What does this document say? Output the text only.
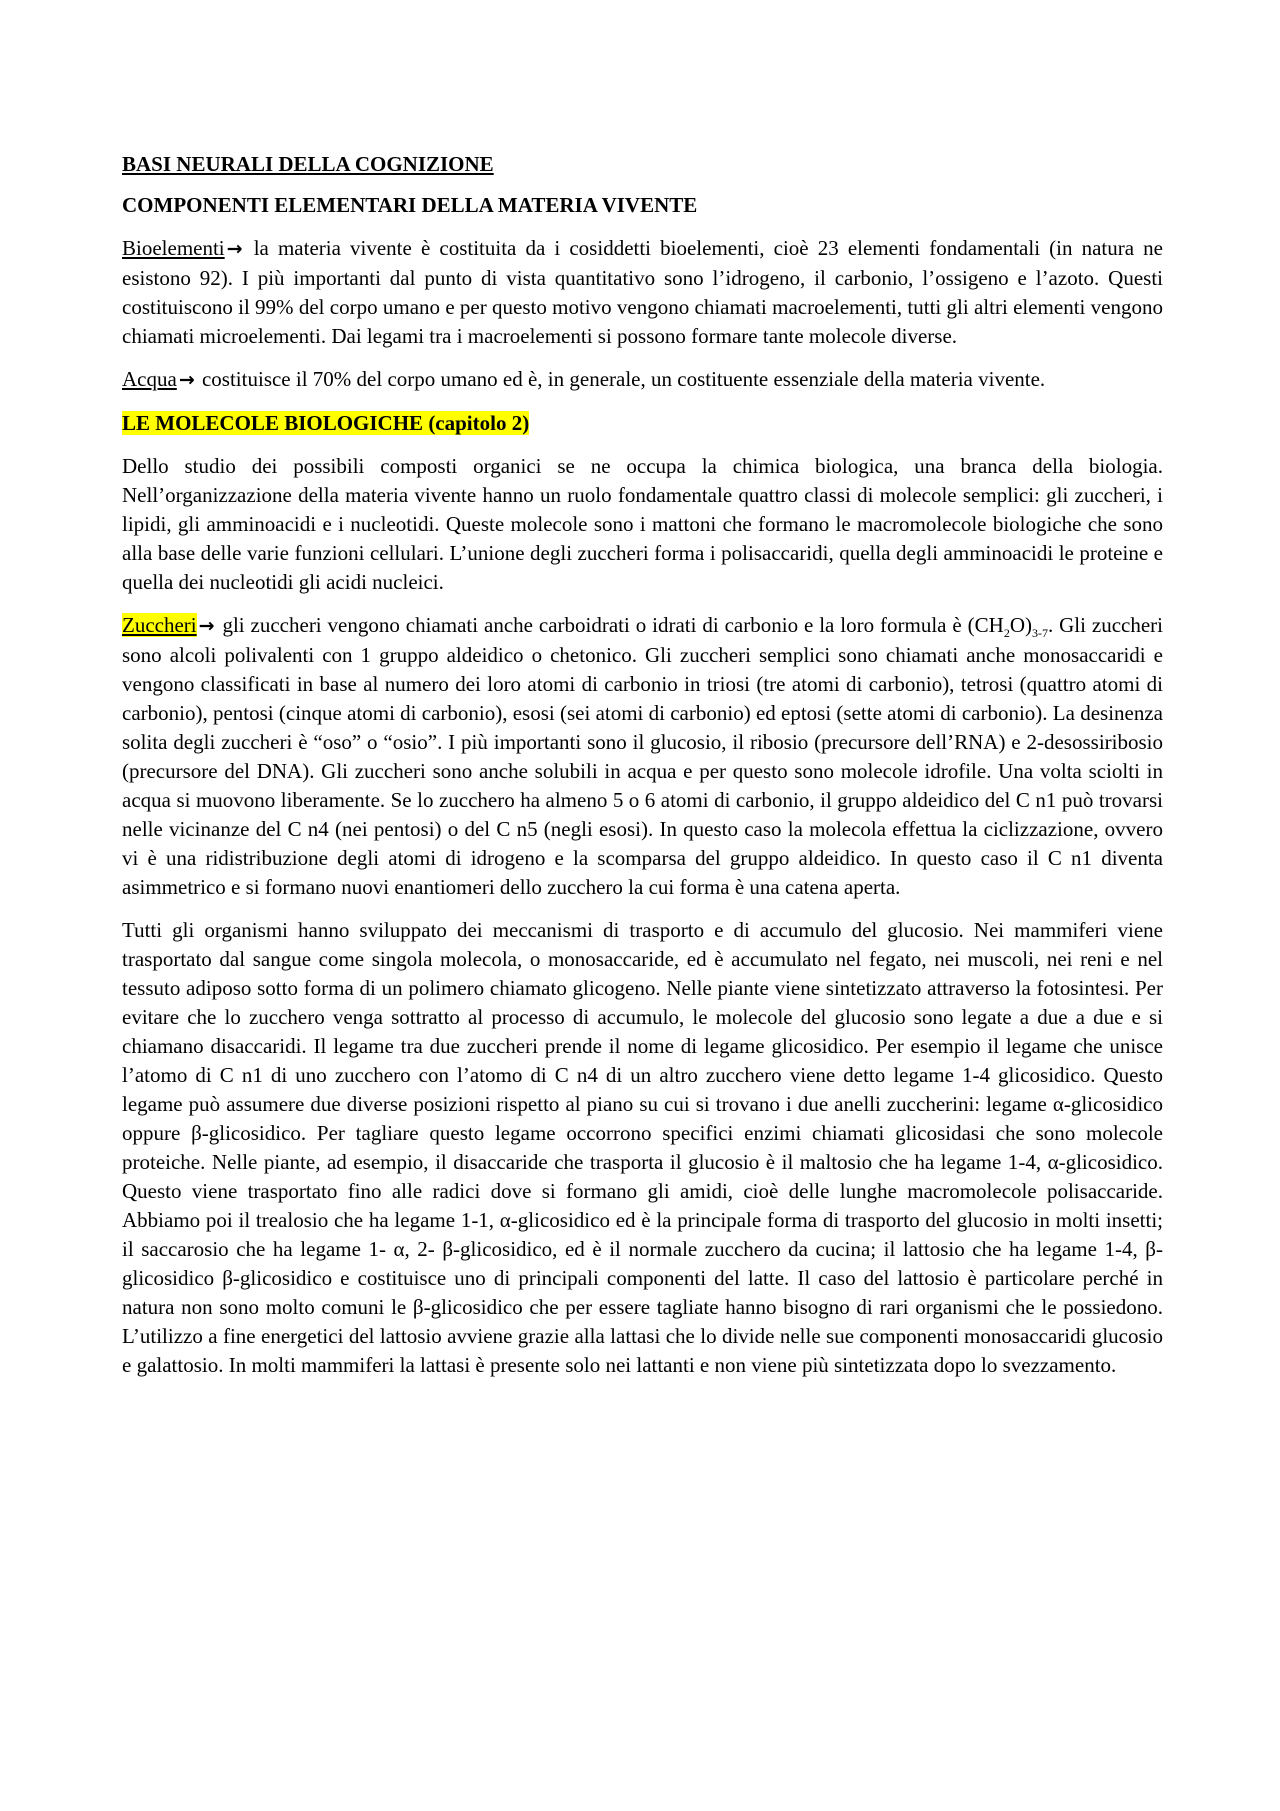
BASI NEURALI DELLA COGNIZIONE
COMPONENTI ELEMENTARI DELLA MATERIA VIVENTE

Bioelementi → la materia vivente è costituita da i cosiddetti bioelementi, cioè 23 elementi fondamentali (in natura ne esistono 92). I più importanti dal punto di vista quantitativo sono l’idrogeno, il carbonio, l’ossigeno e l’azoto. Questi costituiscono il 99% del corpo umano e per questo motivo vengono chiamati macroelementi, tutti gli altri elementi vengono chiamati microelementi. Dai legami tra i macroelementi si possono formare tante molecole diverse.

Acqua → costituisce il 70% del corpo umano ed è, in generale, un costituente essenziale della materia vivente.

LE MOLECOLE BIOLOGICHE (capitolo 2)

Dello studio dei possibili composti organici se ne occupa la chimica biologica, una branca della biologia. Nell’organizzazione della materia vivente hanno un ruolo fondamentale quattro classi di molecole semplici: gli zuccheri, i lipidi, gli amminoacidi e i nucleotidi. Queste molecole sono i mattoni che formano le macromolecole biologiche che sono alla base delle varie funzioni cellulari. L’unione degli zuccheri forma i polisaccaridi, quella degli amminoacidi le proteine e quella dei nucleotidi gli acidi nucleici.

Zuccheri → gli zuccheri vengono chiamati anche carboidrati o idrati di carbonio e la loro formula è $(CH_2O)_{3-7}$. Gli zuccheri sono alcoli polivalenti con 1 gruppo aldeidico o chetonico. Gli zuccheri semplici sono chiamati anche monosaccaridi e vengono classificati in base al numero dei loro atomi di carbonio in triosi (tre atomi di carbonio), tetrosi (quattro atomi di carbonio), pentosi (cinque atomi di carbonio), esosi (sei atomi di carbonio) ed eptosi (sette atomi di carbonio). La desinenza solita degli zuccheri è “oso” o “osio”. I più importanti sono il glucosio, il ribosio (precursore dell’RNA) e 2-desossiribosio (precursore del DNA). Gli zuccheri sono anche solubili in acqua e per questo sono molecole idrofile. Una volta sciolti in acqua si muovono liberamente. Se lo zucchero ha almeno 5 o 6 atomi di carbonio, il gruppo aldeidico del C n1 può trovarsi nelle vicinanze del C n4 (nei pentosi) o del C n5 (negli esosi). In questo caso la molecola effettua la ciclizzazione, ovvero vi è una ridistribuzione degli atomi di idrogeno e la scomparsa del gruppo aldeidico. In questo caso il C n1 diventa asimmetrico e si formano nuovi enantiomeri dello zucchero la cui forma è una catena aperta.

Tutti gli organismi hanno sviluppato dei meccanismi di trasporto e di accumulo del glucosio. Nei mammiferi viene trasportato dal sangue come singola molecola, o monosaccaride, ed è accumulato nel fegato, nei muscoli, nei reni e nel tessuto adiposo sotto forma di un polimero chiamato glicogeno. Nelle piante viene sintetizzato attraverso la fotosintesi. Per evitare che lo zucchero venga sottratto al processo di accumulo, le molecole del glucosio sono legate a due a due e si chiamano disaccaridi. Il legame tra due zuccheri prende il nome di legame glicosidico. Per esempio il legame che unisce l’atomo di C n1 di uno zucchero con l’atomo di C n4 di un altro zucchero viene detto legame 1-4 glicosidico. Questo legame può assumere due diverse posizioni rispetto al piano su cui si trovano i due anelli zuccherini: legame α-glicosidico oppure β-glicosidico. Per tagliare questo legame occorrono specifici enzimi chiamati glicosidasi che sono molecole proteiche. Nelle piante, ad esempio, il disaccaride che trasporta il glucosio è il maltosio che ha legame 1-4, α-glicosidico. Questo viene trasportato fino alle radici dove si formano gli amidi, cioè delle lunghe macromolecole polisaccaride. Abbiamo poi il trealosio che ha legame 1-1, α-glicosidico ed è la principale forma di trasporto del glucosio in molti insetti; il saccarosio che ha legame 1- α, 2- β-glicosidico, ed è il normale zucchero da cucina; il lattosio che ha legame 1-4, β-glicosidico β-glicosidico e costituisce uno di principali componenti del latte. Il caso del lattosio è particolare perché in natura non sono molto comuni le β-glicosidico che per essere tagliate hanno bisogno di rari organismi che le possiedono. L’utilizzo a fine energetici del lattosio avviene grazie alla lattasi che lo divide nelle sue componenti monosaccaridi glucosio e galattosio. In molti mammiferi la lattasi è presente solo nei lattanti e non viene più sintetizzata dopo lo svezzamento.
